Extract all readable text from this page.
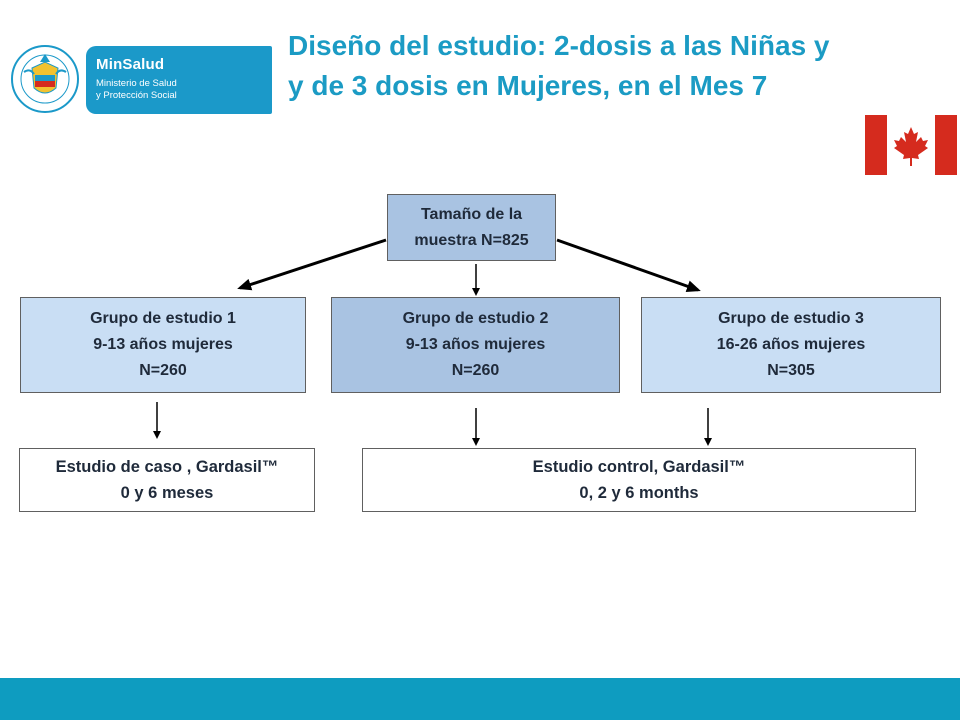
MinSalud
Ministerio de Salud
y Protección Social
Diseño del estudio: 2-dosis a las Niñas y
y de 3 dosis en Mujeres, en el Mes 7
Tamaño de la
muestra N=825
Grupo de estudio 1
9-13 años mujeres
N=260
Grupo de estudio 2
9-13 años mujeres
N=260
Grupo de estudio 3
16-26 años mujeres
N=305
Estudio de caso , Gardasil™
0 y 6 meses
Estudio control, Gardasil™
0, 2 y 6 months
